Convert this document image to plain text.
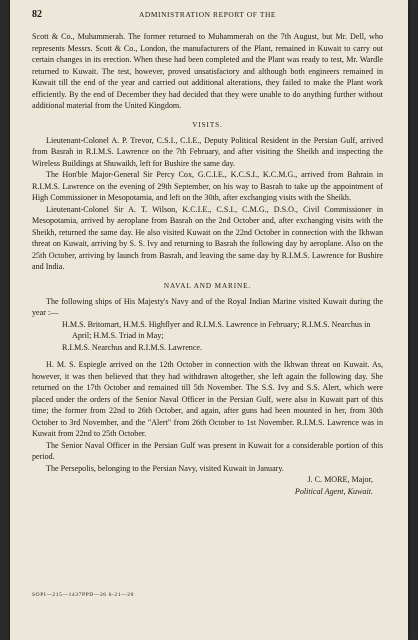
82	ADMINISTRATION REPORT OF THE

Scott & Co., Muhammerah. The former returned to Muhammerah on the 7th August, but Mr. Dell, who represents Messrs. Scott & Co., London, the manufacturers of the Plant, remained in Kuwait to carry out certain changes in its erection. When these had been completed and the Plant was ready to test, Mr. Wardle returned to Kuwait. The test, however, proved unsatisfactory and although both engineers remained in Kuwait till the end of the year and carried out additional alterations, they failed to make the Plant work efficiently. By the end of December they had decided that they were unable to do anything further without additional material from the United Kingdom.

VISITS.

Lieutenant-Colonel A. P. Trevor, C.S.I., C.I.E., Deputy Political Resident in the Persian Gulf, arrived from Basrah in R.I.M.S. Lawrence on the 7th February, and after visiting the Sheikh and inspecting the Wireless Buildings at Shuwaikh, left for Bushire the same day.

The Hon'ble Major-General Sir Percy Cox, G.C.I.E., K.C.S.I., K.C.M.G., arrived from Bahrain in R.I.M.S. Lawrence on the evening of 29th September, on his way to Basrah to take up the appointment of High Commissioner in Mesopotamia, and left on the 30th, after exchanging visits with the Sheikh.

Lieutenant-Colonel Sir A. T. Wilson, K.C.I.E., C.S.I., C.M.G., D.S.O., Civil Commissioner in Mesopotamia, arrived by aeroplane from Basrah on the 2nd October and, after exchanging visits with the Sheikh, returned the same day. He also visited Kuwait on the 22nd October in connection with the Ikhwan threat on Kuwait, arriving by S. S. Ivy and returning to Basrah the following day by aeroplane. Also on the 25th October, arriving by launch from Basrah, and leaving the same day by R.I.M.S. Lawrence for Bushire and India.

NAVAL AND MARINE.

The following ships of His Majesty's Navy and of the Royal Indian Marine visited Kuwait during the year :—

H.M.S. Britomart, H.M.S. Highflyer and R.I.M.S. Lawrence in February; R.I.M.S. Nearchus in April; H.M.S. Triad in May;

R.I.M.S. Nearchus and R.I.M.S. Lawrence.

H. M. S. Espiegle arrived on the 12th October in connection with the Ikhwan threat on Kuwait. As, however, it was then believed that they had withdrawn altogether, she left again the following day. She returned on the 17th October and remained till 5th November. The S.S. Ivy and S.S. Alert, which were placed under the orders of the Senior Naval Officer in the Persian Gulf, were also in Kuwait part of this time; the former from 22nd to 26th October, and again, after guns had been mounted in her, from 30th October to 3rd November, and the "Alert" from 26th October to 1st November. R.I.M.S. Lawrence was in Kuwait from 22nd to 25th October.

The Senior Naval Officer in the Persian Gulf was present in Kuwait for a considerable portion of this period.

The Persepolis, belonging to the Persian Navy, visited Kuwait in January.

J. C. MORE, Major,
Political Agent, Kuwait.
SOPI—215—1437PPD—26 6-21—20
